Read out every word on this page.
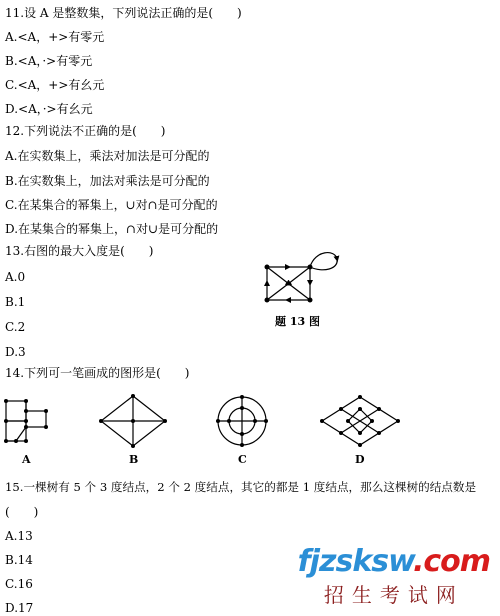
11.设 A 是整数集，下列说法正确的是(　　)
A.<A，+>有零元
B.<A，·>有零元
C.<A，+>有幺元
D.<A，·>有幺元
12.下列说法不正确的是(　　)
A.在实数集上，乘法对加法是可分配的
B.在实数集上，加法对乘法是可分配的
C.在某集合的幂集上，∪对∩是可分配的
D.在某集合的幂集上，∩对∪是可分配的
13.右图的最大入度是(　　)
A.0
B.1
C.2
D.3
题 13 图
14.下列可一笔画成的图形是(　　)
A	B	C	D
15.一棵树有 5 个 3 度结点，2 个 2 度结点，其它的都是 1 度结点，那么这棵树的结点数是
(　　)
A.13
B.14
C.16
D.17
fjzsksw.com
招生考试网
